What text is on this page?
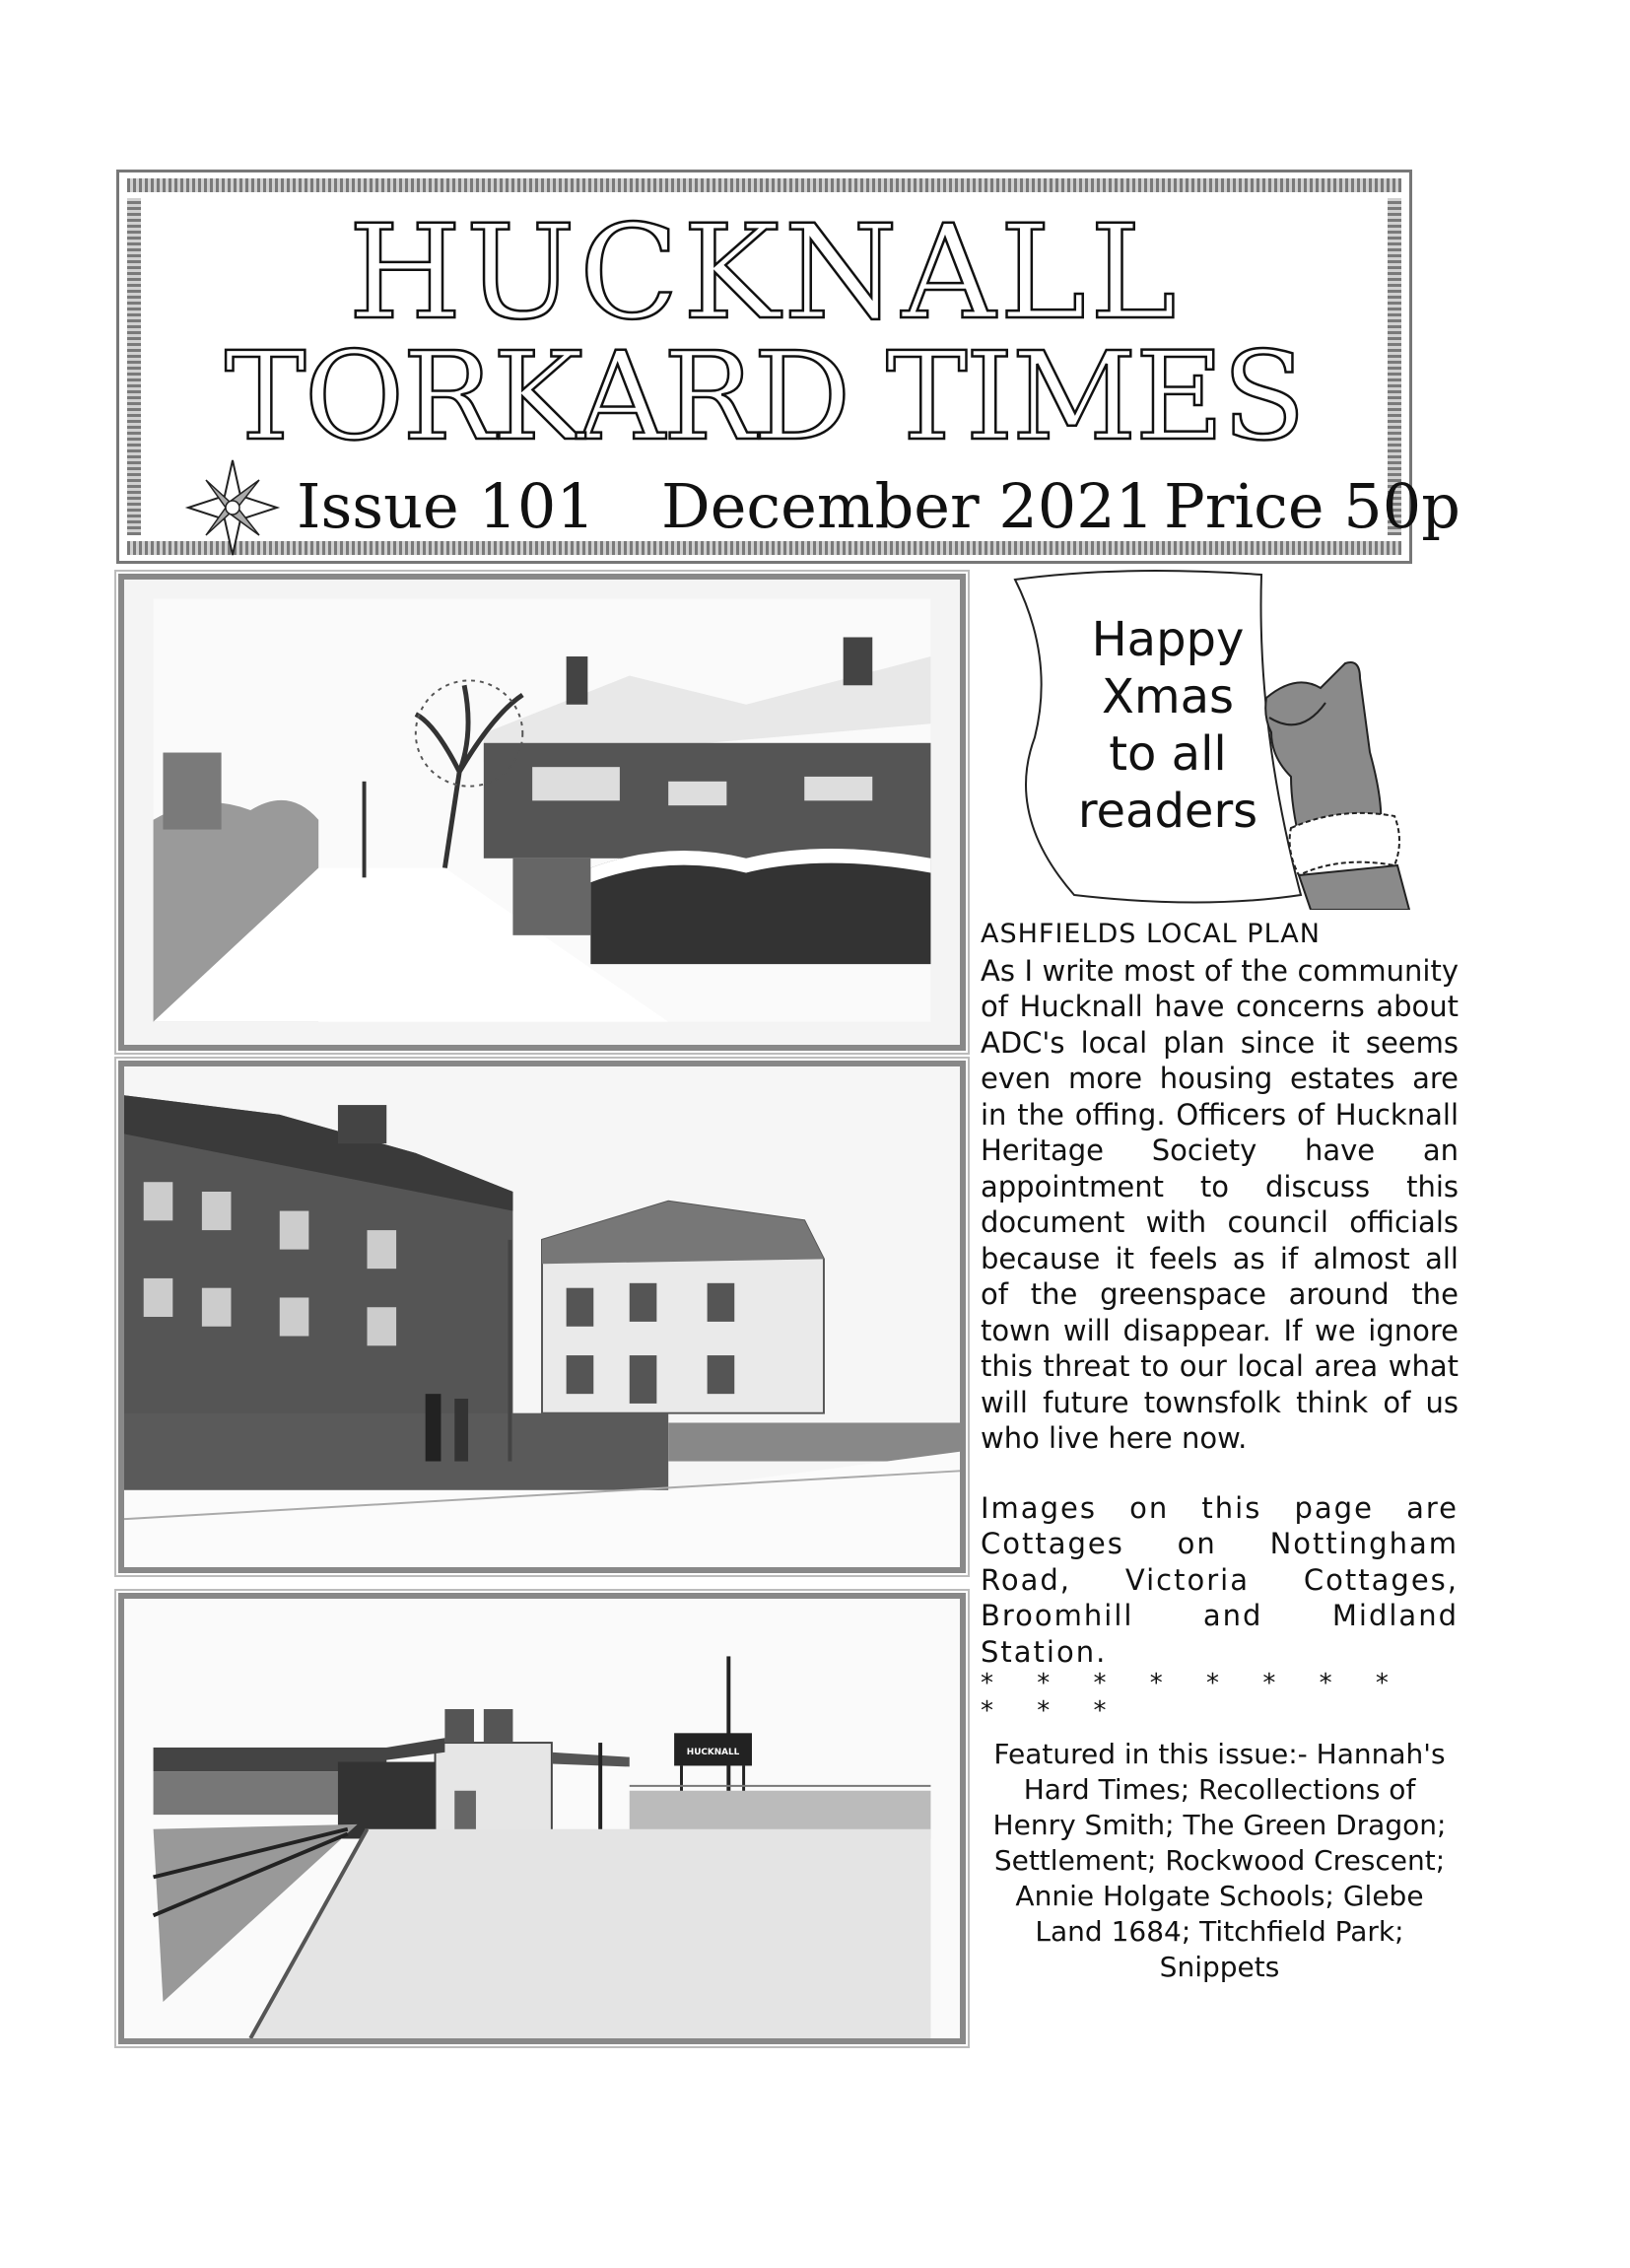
HUCKNALL
TORKARD TIMES
Issue 101 December 2021 Price 50p
HUCKNALL
Happy
Xmas
to all
readers
ASHFIELDS LOCAL PLAN
As I write most of the community of Hucknall have concerns about ADC's local plan since it seems even more housing estates are in the offing. Officers of Hucknall Heritage Society have an appointment to discuss this document with council officials because it feels as if almost all of the greenspace around the town will disappear. If we ignore this threat to our local area what will future townsfolk think of us who live here now.
Images on this page are Cottages on Nottingham Road, Victoria Cottages, Broomhill and Midland Station.
* * * * * * * * * * *
Featured in this issue:- Hannah's Hard Times; Recollections of Henry Smith; The Green Dragon; Settlement; Rockwood Crescent; Annie Holgate Schools; Glebe Land 1684; Titchfield Park; Snippets
